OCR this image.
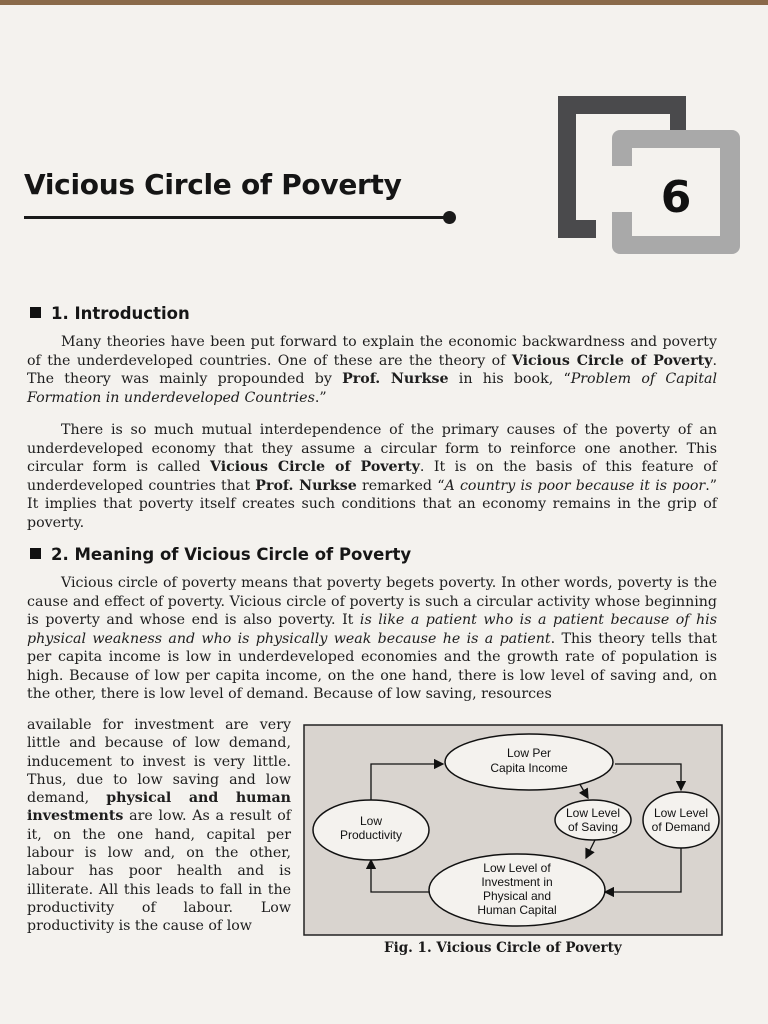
6
Vicious Circle of Poverty
1. Introduction

Many theories have been put forward to explain the economic backwardness and poverty of the underdeveloped countries. One of these are the theory of Vicious Circle of Poverty. The theory was mainly propounded by Prof. Nurkse in his book, “Problem of Capital Formation in underdeveloped Countries.”

There is so much mutual interdependence of the primary causes of the poverty of an underdeveloped economy that they assume a circular form to reinforce one another. This circular form is called Vicious Circle of Poverty. It is on the basis of this feature of underdeveloped countries that Prof. Nurkse remarked “A country is poor because it is poor.” It implies that poverty itself creates such conditions that an economy remains in the grip of poverty.

2. Meaning of Vicious Circle of Poverty

Vicious circle of poverty means that poverty begets poverty. In other words, poverty is the cause and effect of poverty. Vicious circle of poverty is such a circular activity whose beginning is poverty and whose end is also poverty. It is like a patient who is a patient because of his physical weakness and who is physically weak because he is a patient. This theory tells that per capita income is low in underdeveloped economies and the growth rate of population is high. Because of low per capita income, on the one hand, there is low level of saving and, on the other, there is low level of demand. Because of low saving, resources

available for investment are very little and because of low demand, inducement to invest is very little. Thus, due to low saving and low demand, physical and human investments are low. As a result of it, on the one hand, capital per labour is low and, on the other, labour has poor health and is illiterate. All this leads to fall in the productivity of labour. Low productivity is the cause of low

Low Per
Capita Income
Low Level
of Saving
Low Level
of Demand
Low
Productivity
Low Level of
Investment in
Physical and
Human Capital

Fig. 1. Vicious Circle of Poverty
